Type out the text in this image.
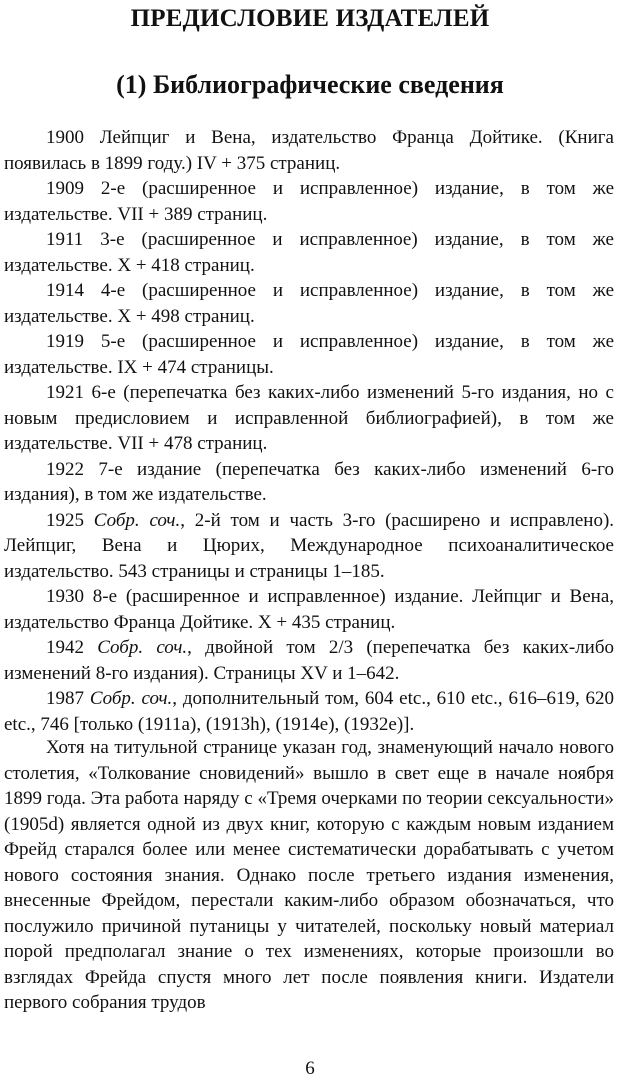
ПРЕДИСЛОВИЕ ИЗДАТЕЛЕЙ
(1) Библиографические сведения
1900 Лейпциг и Вена, издательство Франца Дойтике. (Книга появилась в 1899 году.) IV + 375 страниц.
1909 2-е (расширенное и исправленное) издание, в том же издательстве. VII + 389 страниц.
1911 3-е (расширенное и исправленное) издание, в том же издательстве. X + 418 страниц.
1914 4-е (расширенное и исправленное) издание, в том же издательстве. X + 498 страниц.
1919 5-е (расширенное и исправленное) издание, в том же издательстве. IX + 474 страницы.
1921 6-е (перепечатка без каких-либо изменений 5-го издания, но с новым предисловием и исправленной библиографией), в том же издательстве. VII + 478 страниц.
1922 7-е издание (перепечатка без каких-либо изменений 6-го издания), в том же издательстве.
1925 Собр. соч., 2-й том и часть 3-го (расширено и исправлено). Лейпциг, Вена и Цюрих, Международное психоаналитическое издательство. 543 страницы и страницы 1–185.
1930 8-е (расширенное и исправленное) издание. Лейпциг и Вена, издательство Франца Дойтике. X + 435 страниц.
1942 Собр. соч., двойной том 2/3 (перепечатка без каких-либо изменений 8-го издания). Страницы XV и 1–642.
1987 Собр. соч., дополнительный том, 604 etc., 610 etc., 616–619, 620 etc., 746 [только (1911a), (1913h), (1914e), (1932e)].

Хотя на титульной странице указан год, знаменующий начало нового столетия, «Толкование сновидений» вышло в свет еще в начале ноября 1899 года. Эта работа наряду с «Тремя очерками по теории сексуальности» (1905d) является одной из двух книг, которую с каждым новым изданием Фрейд старался более или менее систематически дорабатывать с учетом нового состояния знания. Однако после третьего издания изменения, внесенные Фрейдом, перестали каким-либо образом обозначаться, что послужило причиной путаницы у читателей, поскольку новый материал порой предполагал знание о тех изменениях, которые произошли во взглядах Фрейда спустя много лет после появления книги. Издатели первого собрания трудов

6
